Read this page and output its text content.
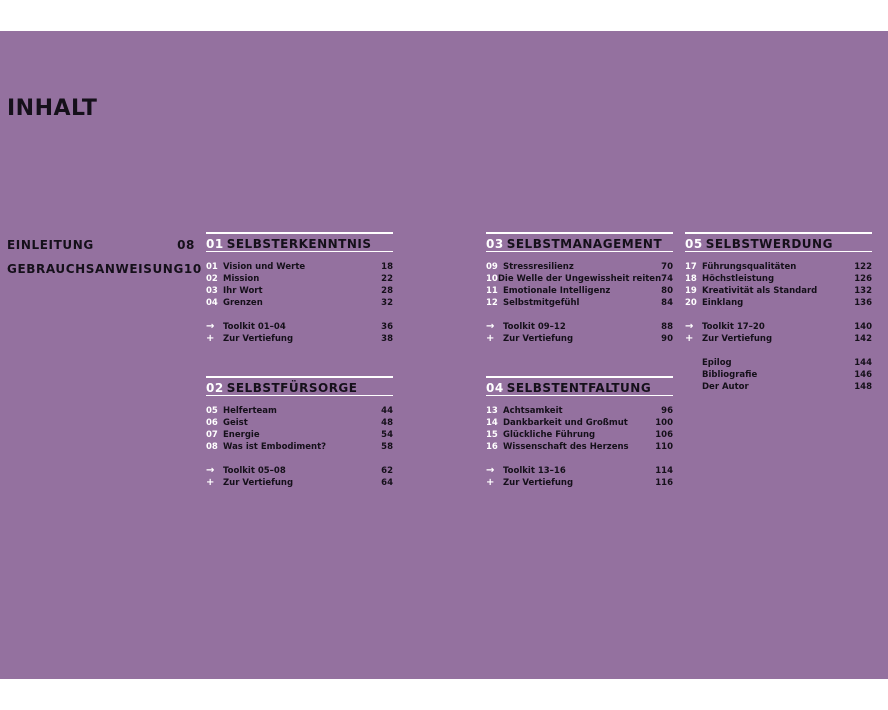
INHALT
EINLEITUNG	08
GEBRAUCHSANWEISUNG 10
01 SELBSTERKENNTNIS
01 Vision und Werte	18
02 Mission	22
03 Ihr Wort	28
04 Grenzen	32
→	Toolkit 01–04	36
+	Zur Vertiefung	38
02 SELBSTFÜRSORGE
05 Helferteam	44
06 Geist	48
07 Energie	54
08 Was ist Embodiment?	58
→	Toolkit 05–08	62
+	Zur Vertiefung	64
03 SELBSTMANAGEMENT
09 Stressresilienz	70
10 Die Welle der Ungewissheit reiten 74
11 Emotionale Intelligenz	80
12 Selbstmitgefühl	84
→	Toolkit 09–12	88
+	Zur Vertiefung	90
04 SELBSTENTFALTUNG
13 Achtsamkeit	96
14 Dankbarkeit und Großmut	100
15 Glückliche Führung	106
16 Wissenschaft des Herzens	110
→	Toolkit 13–16	114
+	Zur Vertiefung	116
05 SELBSTWERDUNG
17 Führungsqualitäten	122
18 Höchstleistung	126
19 Kreativität als Standard	132
20 Einklang	136
→	Toolkit 17–20	140
+	Zur Vertiefung	142
Epilog	144
Bibliografie	146
Der Autor	148
